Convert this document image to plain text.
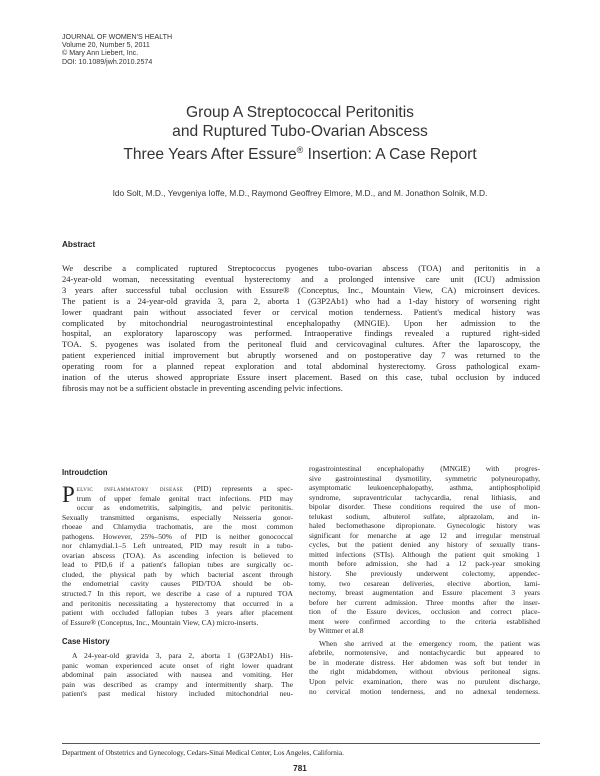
JOURNAL OF WOMEN'S HEALTH
Volume 20, Number 5, 2011
© Mary Ann Liebert, Inc.
DOI: 10.1089/jwh.2010.2574
Group A Streptococcal Peritonitis
and Ruptured Tubo-Ovarian Abscess
Three Years After Essure® Insertion: A Case Report
Ido Solt, M.D., Yevgeniya Ioffe, M.D., Raymond Geoffrey Elmore, M.D., and M. Jonathon Solnik, M.D.
Abstract
We describe a complicated ruptured Streptococcus pyogenes tubo-ovarian abscess (TOA) and peritonitis in a
24-year-old woman, necessitating eventual hysterectomy and a prolonged intensive care unit (ICU) admission
3 years after successful tubal occlusion with Essure® (Conceptus, Inc., Mountain View, CA) microinsert devices.
The patient is a 24-year-old gravida 3, para 2, aborta 1 (G3P2Ab1) who had a 1-day history of worsening right
lower quadrant pain without associated fever or cervical motion tenderness. Patient's medical history was
complicated by mitochondrial neurogastrointestinal encephalopathy (MNGIE). Upon her admission to the
hospital, an exploratory laparoscopy was performed. Intraoperative findings revealed a ruptured right-sided
TOA. S. pyogenes was isolated from the peritoneal fluid and cervicovaginal cultures. After the laparoscopy, the
patient experienced initial improvement but abruptly worsened and on postoperative day 7 was returned to the
operating room for a planned repeat exploration and total abdominal hysterectomy. Gross pathological exam-
ination of the uterus showed appropriate Essure insert placement. Based on this case, tubal occlusion by induced
fibrosis may not be a sufficient obstacle in preventing ascending pelvic infections.
Introudction
P elvic inflammatory disease (PID) represents a spec-
trum of upper female genital tract infections. PID may
occur as endometritis, salpingitis, and pelvic peritonitis.
Sexually transmitted organisms, especially Neisseria gonor-
rhoeae and Chlamydia trachomatis, are the most common
pathogens. However, 25%–50% of PID is neither gonococcal
nor chlamydial.1–5 Left untreated, PID may result in a tubo-
ovarian abscess (TOA). As ascending infection is believed to
lead to PID,6 if a patient's fallopian tubes are surgically oc-
cluded, the physical path by which bacterial ascent through
the endometrial cavity causes PID/TOA should be ob-
structed.7 In this report, we describe a case of a ruptured TOA
and peritonitis necessitating a hysterectomy that occurred in a
patient with occluded fallopian tubes 3 years after placement
of Essure® (Conceptus, Inc., Mountain View, CA) micro-inserts.
Case History
A 24-year-old gravida 3, para 2, aborta 1 (G3P2Ab1) His-
panic woman experienced acute onset of right lower quadrant
abdominal pain associated with nausea and vomiting. Her
pain was described as crampy and intermittently sharp. The
patient's past medical history included mitochondrial neu-
rogastrointestinal encephalopathy (MNGIE) with progres-
sive gastrointestinal dysmotility, symmetric polyneuropathy,
asymptomatic leukoencephalopathy, asthma, antiphospholipid
syndrome, supraventricular tachycardia, renal lithiasis, and
bipolar disorder. These conditions required the use of mon-
telukast sodium, albuterol sulfate, alprazolam, and in-
haled beclomethasone dipropionate. Gynecologic history was
significant for menarche at age 12 and irregular menstrual
cycles, but the patient denied any history of sexually trans-
mitted infections (STIs). Although the patient quit smoking 1
month before admission, she had a 12 pack-year smoking
history. She previously underwent colectomy, appendec-
tomy, two cesarean deliveries, elective abortion, lami-
nectomy, breast augmentation and Essure placement 3 years
before her current admission. Three months after the inser-
tion of the Essure devices, occlusion and correct place-
ment were confirmed according to the criteria established
by Wittmer et al.8
When she arrived at the emergency room, the patient was
afebrile, normotensive, and nontachycardic but appeared to
be in moderate distress. Her abdomen was soft but tender in
the right midabdomen, without obvious peritoneal signs.
Upon pelvic examination, there was no purulent discharge,
no cervical motion tenderness, and no adnexal tenderness.
Department of Obstetrics and Gynecology, Cedars-Sinai Medical Center, Los Angeles, California.
781
